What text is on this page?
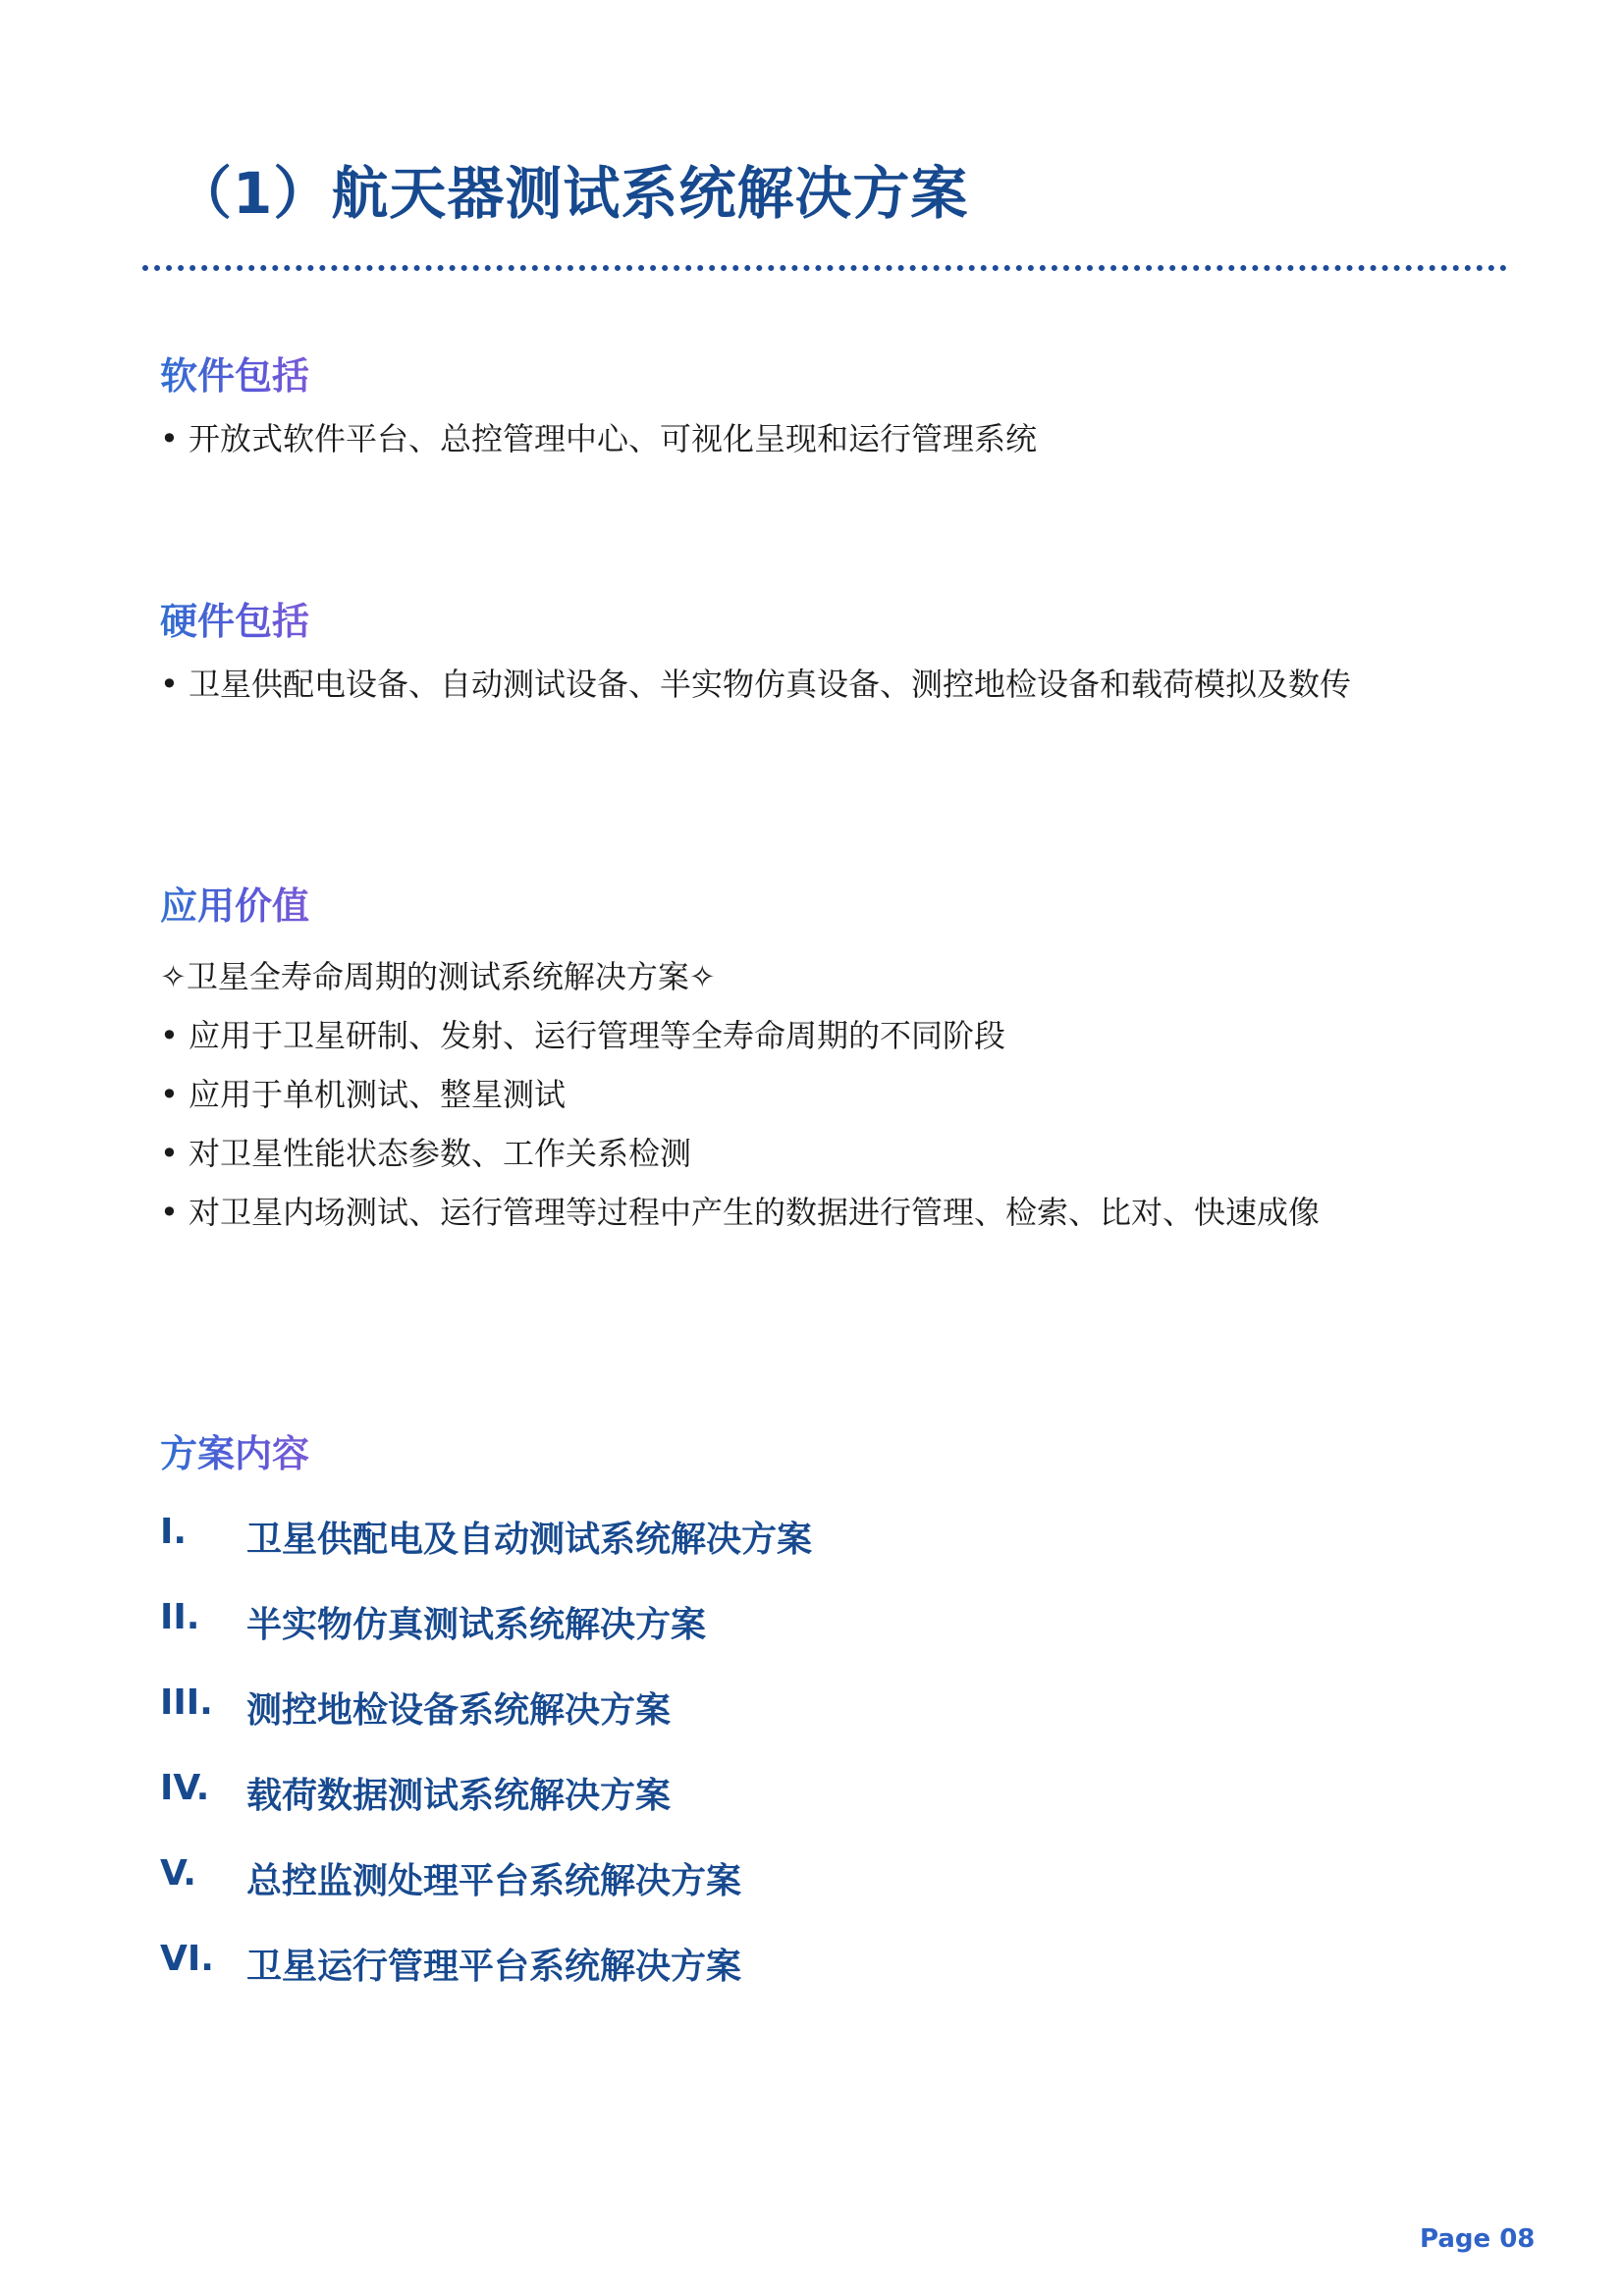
（1）航天器测试系统解决方案
软件包括
• 开放式软件平台、总控管理中心、可视化呈现和运行管理系统
硬件包括
• 卫星供配电设备、自动测试设备、半实物仿真设备、测控地检设备和载荷模拟及数传
应用价值
✧卫星全寿命周期的测试系统解决方案✧
• 应用于卫星研制、发射、运行管理等全寿命周期的不同阶段
• 应用于单机测试、整星测试
• 对卫星性能状态参数、工作关系检测
• 对卫星内场测试、运行管理等过程中产生的数据进行管理、检索、比对、快速成像
方案内容
I. 卫星供配电及自动测试系统解决方案
II. 半实物仿真测试系统解决方案
III. 测控地检设备系统解决方案
IV. 载荷数据测试系统解决方案
V. 总控监测处理平台系统解决方案
VI. 卫星运行管理平台系统解决方案
Page 08
